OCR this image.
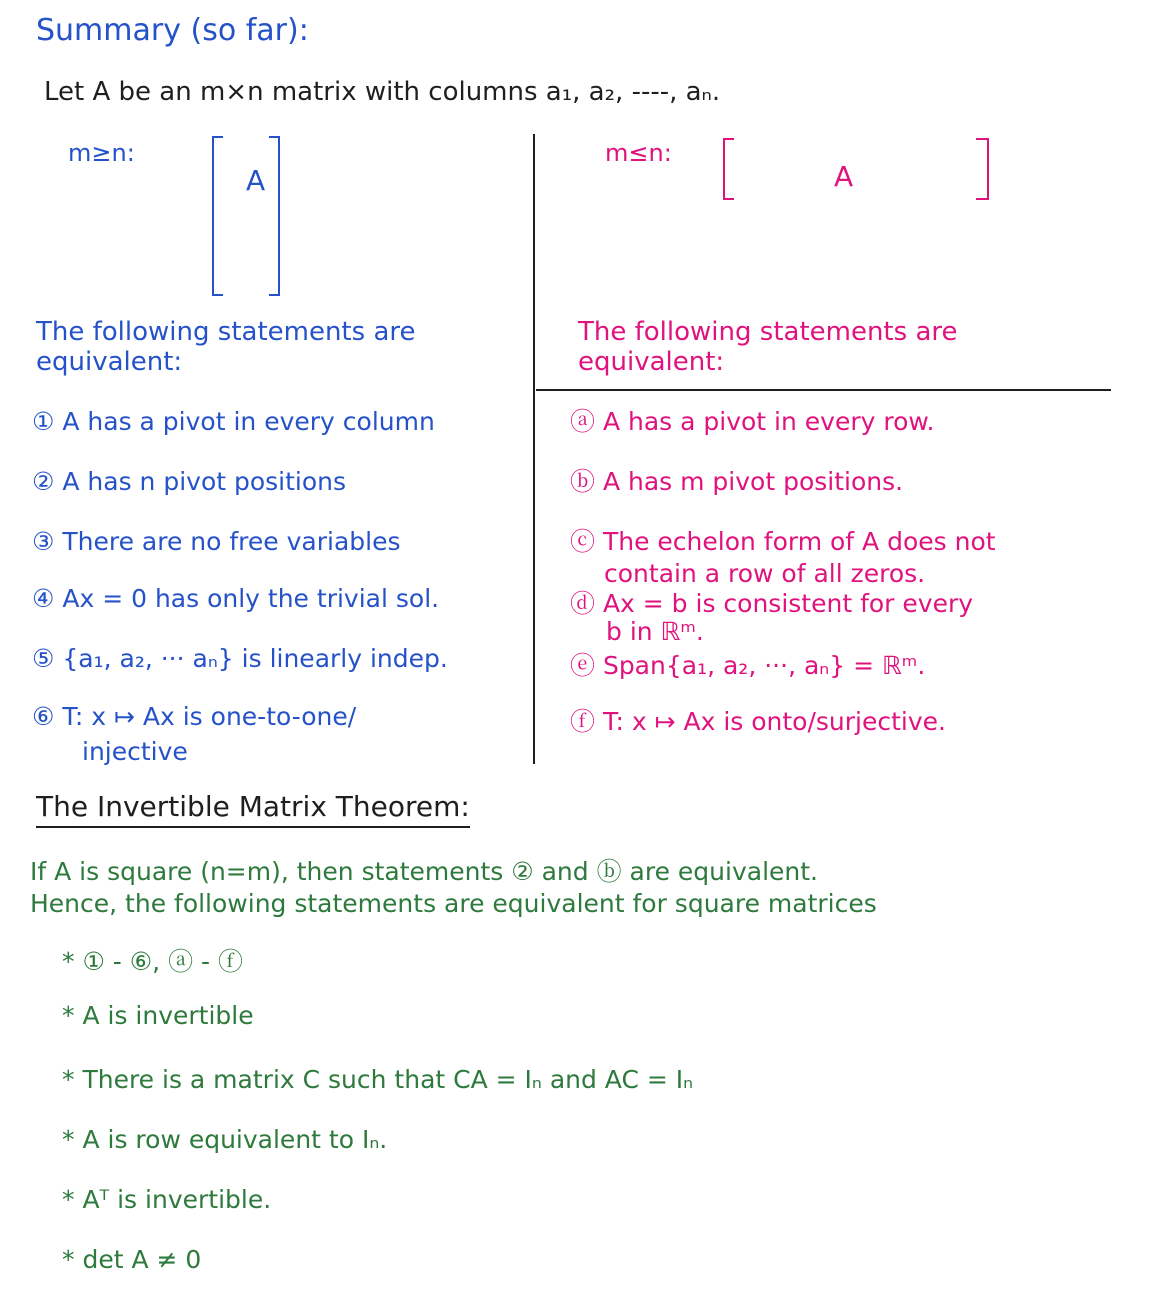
Summary (so far):
Let A be an m×n matrix with columns a₁, a₂, ----, aₙ.
m≥n:
A
m≤n:
A
The following statements are
equivalent:
① A has a pivot in every column
② A has n pivot positions
③ There are no free variables
④ Ax = 0 has only the trivial sol.
⑤ {a₁, a₂, ··· aₙ} is linearly indep.
⑥ T: x ↦ Ax is one-to-one/
injective
The following statements are
equivalent:
ⓐ A has a pivot in every row.
ⓑ A has m pivot positions.
ⓒ The echelon form of A does not
contain a row of all zeros.
ⓓ Ax = b is consistent for every
b in ℝᵐ.
ⓔ Span{a₁, a₂, ···, aₙ} = ℝᵐ.
ⓕ T: x ↦ Ax is onto/surjective.
The Invertible Matrix Theorem:
If A is square (n=m), then statements ② and ⓑ are equivalent.
Hence, the following statements are equivalent for square matrices
* ① - ⑥, ⓐ - ⓕ
* A is invertible
* There is a matrix C such that CA = Iₙ and AC = Iₙ
* A is row equivalent to Iₙ.
* Aᵀ is invertible.
* det A ≠ 0
